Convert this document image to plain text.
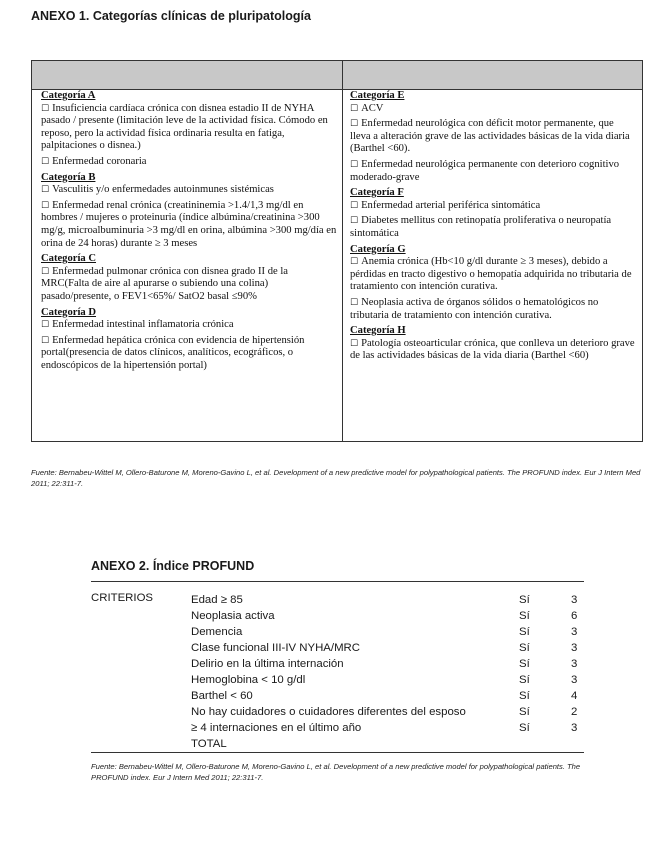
ANEXO 1. Categorías clínicas de pluripatología
Categoría A
☐ Insuficiencia cardíaca crónica con disnea estadio II de NYHA pasado / presente (limitación leve de la actividad física. Cómodo en reposo, pero la actividad física ordinaria resulta en fatiga, palpitaciones o disnea.)
☐ Enfermedad coronaria
Categoría B
☐ Vasculitis y/o enfermedades autoinmunes sistémicas
☐ Enfermedad renal crónica (creatininemia >1.4/1,3 mg/dl en hombres / mujeres o proteinuria (índice albúmina/creatinina >300 mg/g, microalbuminuria >3 mg/dl en orina, albúmina >300 mg/día en orina de 24 horas) durante ≥ 3 meses
Categoría C
☐ Enfermedad pulmonar crónica con disnea grado II de la MRC(Falta de aire al apurarse o subiendo una colina) pasado/presente, o FEV1<65%/ SatO2 basal ≤90%
Categoría D
☐ Enfermedad intestinal inflamatoria crónica
☐ Enfermedad hepática crónica con evidencia de hipertensión portal(presencia de datos clínicos, analíticos, ecográficos, o endoscópicos de la hipertensión portal)
Categoría E
☐ ACV
☐ Enfermedad neurológica con déficit motor permanente, que lleva a alteración grave de las actividades básicas de la vida diaria (Barthel <60).
☐ Enfermedad neurológica permanente con deterioro cognitivo moderado-grave
Categoría F
☐ Enfermedad arterial periférica sintomática
☐ Diabetes mellitus con retinopatía proliferativa o neuropatía sintomática
Categoría G
☐ Anemia crónica (Hb<10 g/dl durante ≥ 3 meses), debido a pérdidas en tracto digestivo o hemopatía adquirida no tributaria de tratamiento con intención curativa.
☐ Neoplasia activa de órganos sólidos o hematológicos no tributaria de tratamiento con intención curativa.
Categoría H
☐ Patología osteoarticular crónica, que conlleva un deterioro grave de las actividades básicas de la vida diaria (Barthel <60)
Fuente: Bernabeu-Wittel M, Ollero-Baturone M, Moreno-Gavino L, et al. Development of a new predictive model for polypathological patients. The PROFUND index. Eur J Intern Med 2011; 22:311-7.
ANEXO 2. Índice PROFUND
CRITERIOS	Edad ≥ 85	Sí	3
Neoplasia activa	Sí	6
Demencia	Sí	3
Clase funcional III-IV NYHA/MRC	Sí	3
Delirio en la última internación	Sí	3
Hemoglobina < 10 g/dl	Sí	3
Barthel < 60	Sí	4
No hay cuidadores o cuidadores diferentes del esposo	Sí	2
≥ 4 internaciones en el último año	Sí	3
TOTAL
Fuente: Bernabeu-Wittel M, Ollero-Baturone M, Moreno-Gavino L, et al. Development of a new predictive model for polypathological patients. The PROFUND index. Eur J Intern Med 2011; 22:311-7.
